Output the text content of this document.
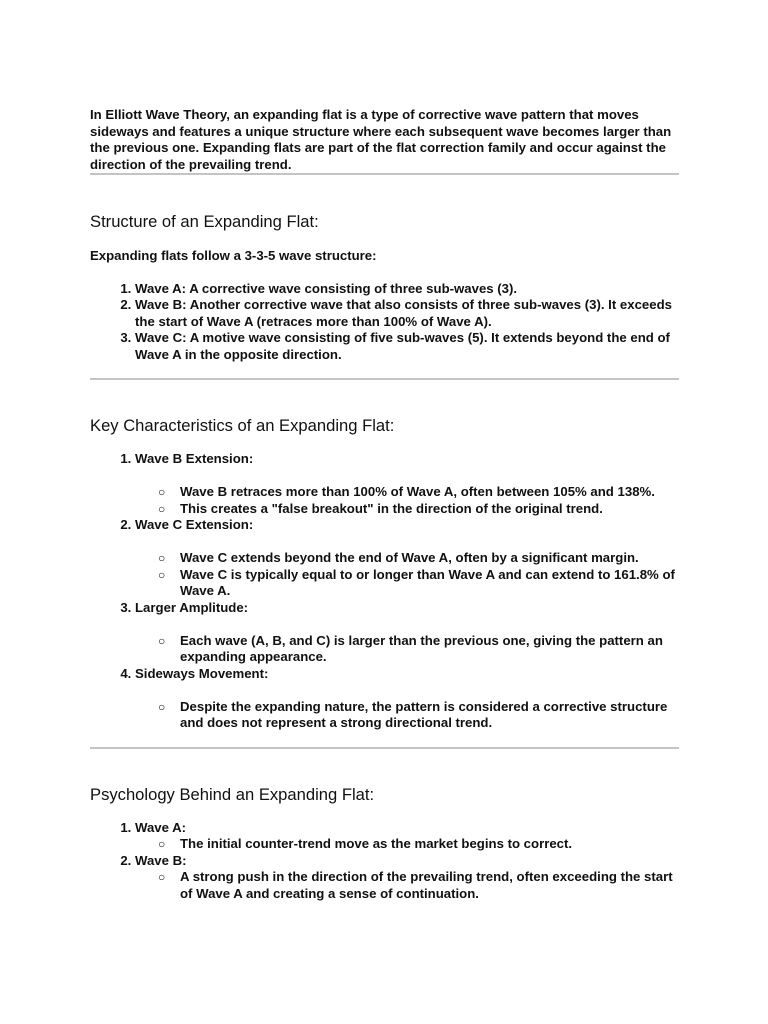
In Elliott Wave Theory, an expanding flat is a type of corrective wave pattern that moves sideways and features a unique structure where each subsequent wave becomes larger than the previous one. Expanding flats are part of the flat correction family and occur against the direction of the prevailing trend.

Structure of an Expanding Flat:

Expanding flats follow a 3-3-5 wave structure:

1. Wave A: A corrective wave consisting of three sub-waves (3).
2. Wave B: Another corrective wave that also consists of three sub-waves (3). It exceeds the start of Wave A (retraces more than 100% of Wave A).
3. Wave C: A motive wave consisting of five sub-waves (5). It extends beyond the end of Wave A in the opposite direction.
Key Characteristics of an Expanding Flat:
1. Wave B Extension:
○ Wave B retraces more than 100% of Wave A, often between 105% and 138%.
○ This creates a "false breakout" in the direction of the original trend.
2. Wave C Extension:
○ Wave C extends beyond the end of Wave A, often by a significant margin.
○ Wave C is typically equal to or longer than Wave A and can extend to 161.8% of Wave A.
3. Larger Amplitude:
○ Each wave (A, B, and C) is larger than the previous one, giving the pattern an expanding appearance.
4. Sideways Movement:
○ Despite the expanding nature, the pattern is considered a corrective structure and does not represent a strong directional trend.
Psychology Behind an Expanding Flat:
1. Wave A:
○ The initial counter-trend move as the market begins to correct.
2. Wave B:
○ A strong push in the direction of the prevailing trend, often exceeding the start of Wave A and creating a sense of continuation.
